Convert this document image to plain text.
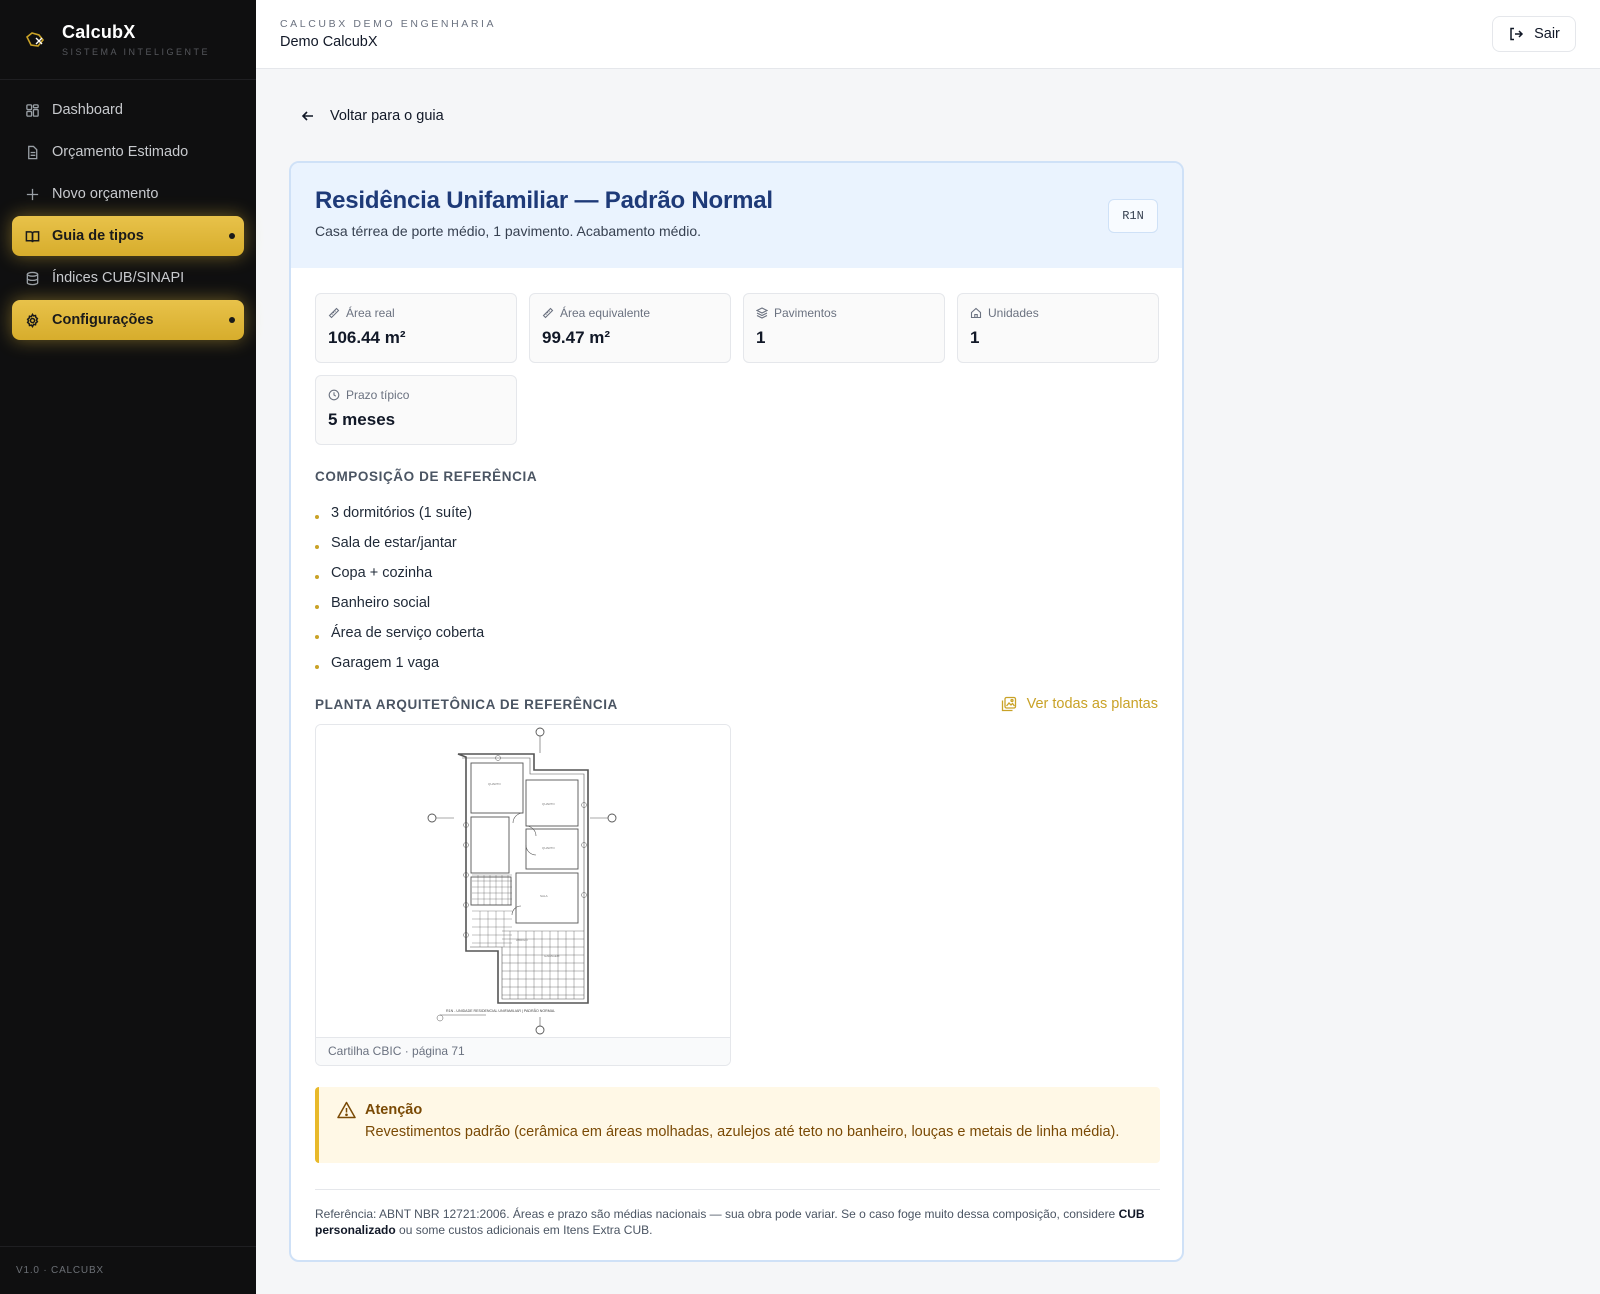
CalcubX
SISTEMA INTELIGENTE
Dashboard
Orçamento Estimado
Novo orçamento
Guia de tipos
Índices CUB/SINAPI
Configurações
V1.0 · CALCUBX
CALCUBX DEMO ENGENHARIA
Demo CalcubX	Sair
Voltar para o guia
Residência Unifamiliar — Padrão Normal
Casa térrea de porte médio, 1 pavimento. Acabamento médio.
R1N
Área real
106.44 m²
Área equivalente
99.47 m²
Pavimentos
1
Unidades
1
Prazo típico
5 meses
COMPOSIÇÃO DE REFERÊNCIA
3 dormitórios (1 suíte)
Sala de estar/jantar
Copa + cozinha
Banheiro social
Área de serviço coberta
Garagem 1 vaga
PLANTA ARQUITETÔNICA DE REFERÊNCIA	Ver todas as plantas
QUARTO
QUARTO
QUARTO
SALA
ABRIGO
GARAGEM
R1N - UNIDADE RESIDENCIAL UNIFAMILIAR | PADRÃO NORMAL
Cartilha CBIC · página 71
Atenção
Revestimentos padrão (cerâmica em áreas molhadas, azulejos até teto no banheiro, louças e metais de linha média).
Referência: ABNT NBR 12721:2006. Áreas e prazo são médias nacionais — sua obra pode variar. Se o caso foge muito dessa composição, considere CUB personalizado ou some custos adicionais em Itens Extra CUB.
